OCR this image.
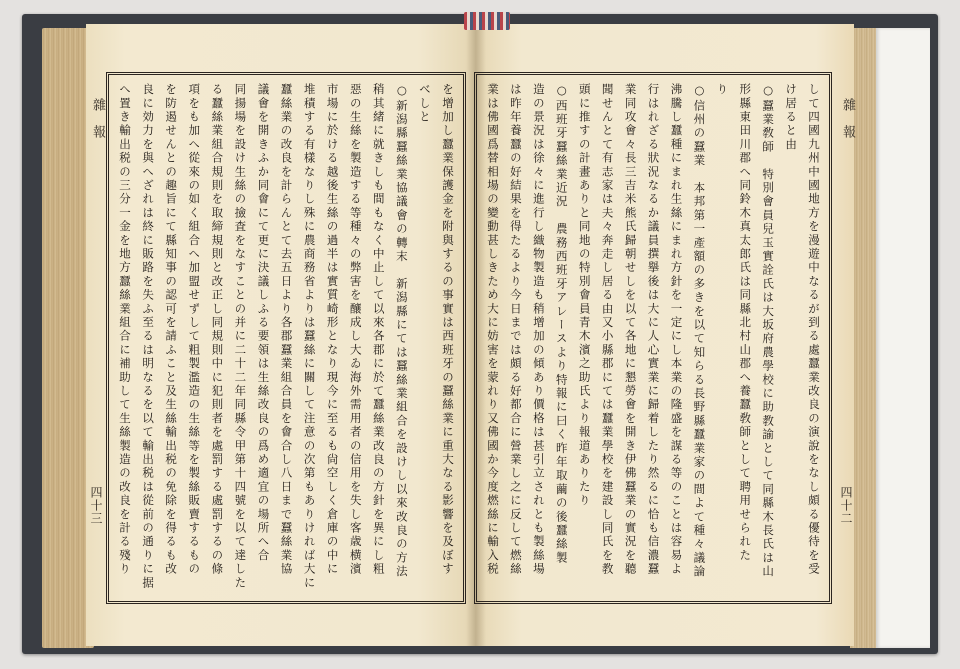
雜報
四十三	を增加し蠶業保護金を附與するの事實は西班牙の蠶絲業に重大なる影響を及ぼす
べしと
○新潟縣蠶絲業協議會の轉末　新潟縣にては蠶絲業組合を設けし以來改良の方法
稍其緒に就きしも間もなく中止して以來各郡に於て蠶絲業改良の方針を異にし粗
惡の生絲を製造する等種々の弊害を釀成し大ゐ海外需用者の信用を失し客歳横濱
市場に於ける越後生絲の過半は實質崎形となり現今に至るも尙空しく倉庫の中に
堆積する有樣なりし殊に農商務省よりは蠶絲に關して注意の次第もありければ大に
蠶絲業の改良を計らんとて去五日より各郡蠶業組合員を會合し八日まで蠶絲業協
議會を開きふか同會にて更に決議しふる要領は生絲改良の爲め適宜の場所へ合
同揚場を設け生絲の撿査をなすことの并に二十二年同縣令甲第十四號を以て達した
る蠶絲業組合規則を取締規則と改正し同規則中に犯則者を處罰する處罰するの條
項をも加へ從來の如く組合へ加盟せずして粗製濫造の生絲等を製絲販賣するもの
を防遏せんとの趣旨にて縣知事の認可を請ふこと及生絲輸出税の免除を得るも改
良に効力を與へざれは終に販路を失ふ至るは明なるを以て輸出税は從前の通りに据
へ置き輸出税の三分一金を地方蠶絲業組合に補助して生絲製造の改良を計る殘り	雜報
四十二
して四國九州中國地方を漫遊中なるが到る處蠶業改良の演說をなし頗る優待を受
け居ると由
○蠶業敎師　特別會員兒玉實詮氏は大坂府農學校に助教諭として同縣木長氏は山
形縣東田川郡へ同鈴木真太郎氏は同縣北村山郡へ養蠶敎師として聘用せられた
り
○信州の蠶業　本邦第一產額の多きを以て知らる長野縣蠶業家の間よて種々議論
沸騰し蠶種にまれ生絲にまれ方針を一定にし本業の隆盛を謀る等のことは容易よ
行はれざる狀況なるか議員撰擧後は大に人心實業に歸着したり然るに恰も信濃蠶
業同攻會々長三吉米熊氏歸朝せしを以て各地に懇勞會を開き伊佛蠶業の實況を聽
聞せんとて有志家は夫々奔走し居る由又小縣郡にては蠶業學校を建設し同氏を教
頭に推すの計畫ありと同地の特別會員青木濱之助氏より報道ありたり
○西班牙蠶絲業近況　農務西班牙アレースより特報に曰く昨年取繭の後蠶絲製
造の景況は徐々に進行し織物製造も稍增加の傾あり價格は甚引立されとも製絲場
は昨年養蠶の好結果を得たるより今日までは頗る好都合に營業し之に反して燃絲
業は佛國爲替相場の變動甚しきため大に妨害を蒙れり又佛國か今度燃絲に輸入税
